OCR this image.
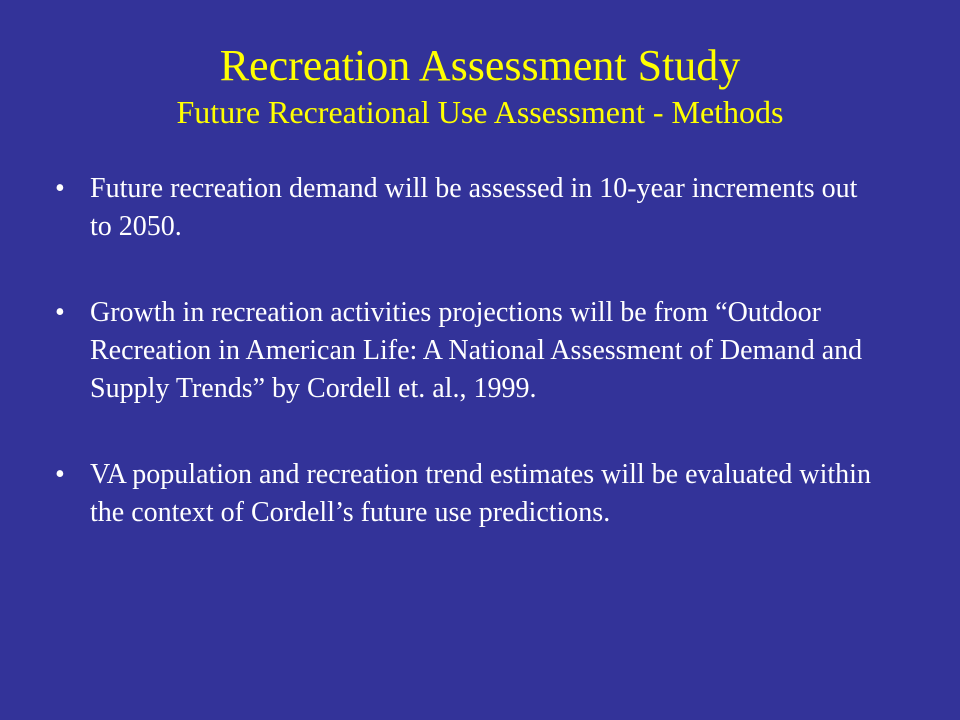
Recreation Assessment Study
Future Recreational Use Assessment - Methods
• Future recreation demand will be assessed in 10-year increments out to 2050.
• Growth in recreation activities projections will be from “Outdoor Recreation in American Life: A National Assessment of Demand and Supply Trends” by Cordell et. al., 1999.
• VA population and recreation trend estimates will be evaluated within the context of Cordell’s future use predictions.
